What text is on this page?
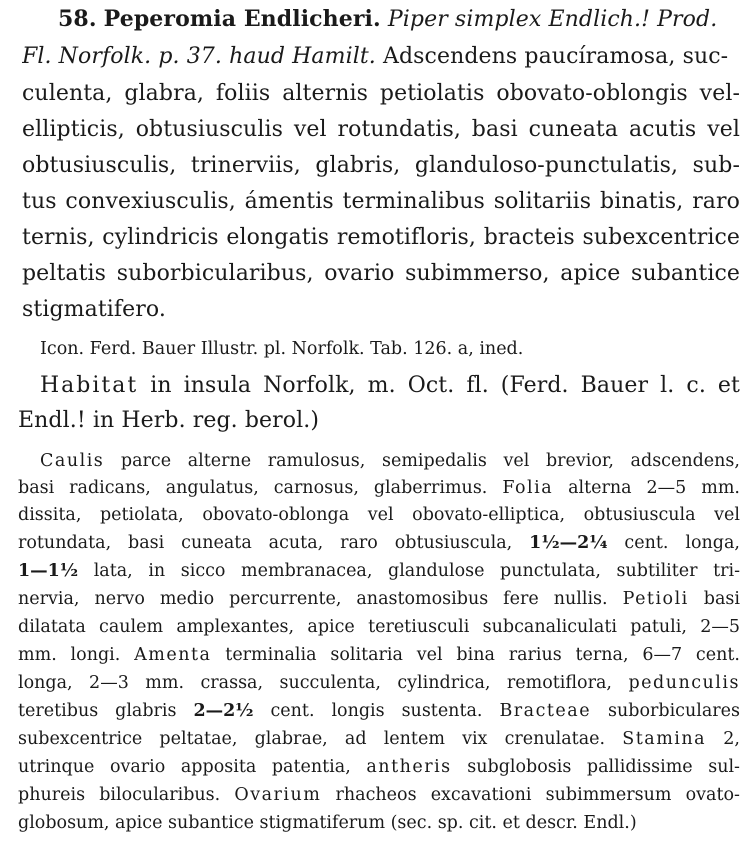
58. Peperomia Endlicheri. Piper simplex Endlich.! Prod.
Fl. Norfolk. p. 37. haud Hamilt. Adscendens paucíramosa, suc-
culenta, glabra, foliis alternis petiolatis obovato-oblongis vel-
ellipticis, obtusiusculis vel rotundatis, basi cuneata acutis vel
obtusiusculis, trinerviis, glabris, glanduloso-punctulatis, sub-
tus convexiusculis, ámentis terminalibus solitariis binatis, raro
ternis, cylindricis elongatis remotifloris, bracteis subexcentrice
peltatis suborbicularibus, ovario subimmerso, apice subantice
stigmatifero.
Icon. Ferd. Bauer Illustr. pl. Norfolk. Tab. 126. a, ined.
Habitat in insula Norfolk, m. Oct. fl. (Ferd. Bauer l. c. et
Endl.! in Herb. reg. berol.)
Caulis parce alterne ramulosus, semipedalis vel brevior, adscendens,
basi radicans, angulatus, carnosus, glaberrimus. Folia alterna 2—5 mm.
dissita, petiolata, obovato-oblonga vel obovato-elliptica, obtusiuscula vel
rotundata, basi cuneata acuta, raro obtusiuscula, 1½—2¼ cent. longa,
1—1½ lata, in sicco membranacea, glandulose punctulata, subtiliter tri-
nervia, nervo medio percurrente, anastomosibus fere nullis. Petioli basi
dilatata caulem amplexantes, apice teretiusculi subcanaliculati patuli, 2—5
mm. longi. Amenta terminalia solitaria vel bina rarius terna, 6—7 cent.
longa, 2—3 mm. crassa, succulenta, cylindrica, remotiflora, pedunculis
teretibus glabris 2—2½ cent. longis sustenta. Bracteae suborbiculares
subexcentrice peltatae, glabrae, ad lentem vix crenulatae. Stamina 2,
utrinque ovario apposita patentia, antheris subglobosis pallidissime sul-
phureis bilocularibus. Ovarium rhacheos excavationi subimmersum ovato-
globosum, apice subantice stigmatiferum (sec. sp. cit. et descr. Endl.)
